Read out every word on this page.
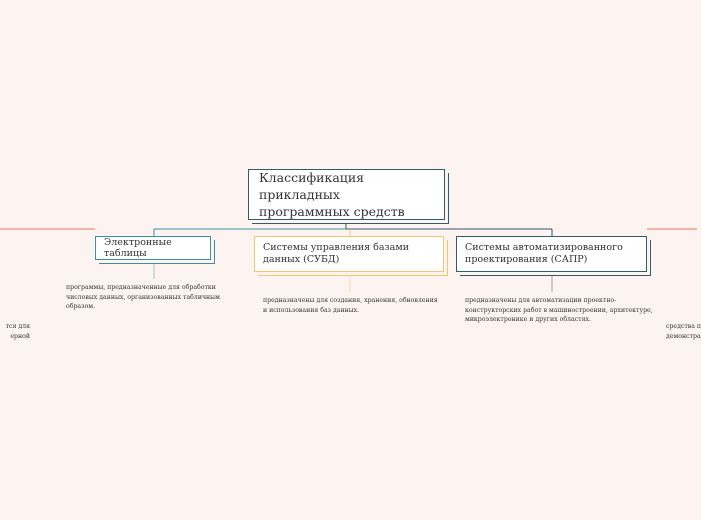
Классификация прикладных программных средств
Электронные таблицы
Системы управления базами данных (СУБД)
Системы автоматизированного проектирования (САПР)
программы, предназначенные для обработки числовых данных, организованных табличным образом.
предназначены для создания, хранения, обновления и использования баз данных.
предназначены для автоматизации проектно-конструкторских работ в машиностроении, архитектуре, микроэлектронике и других областях.
тся для
ерной
средства п
демонстра
